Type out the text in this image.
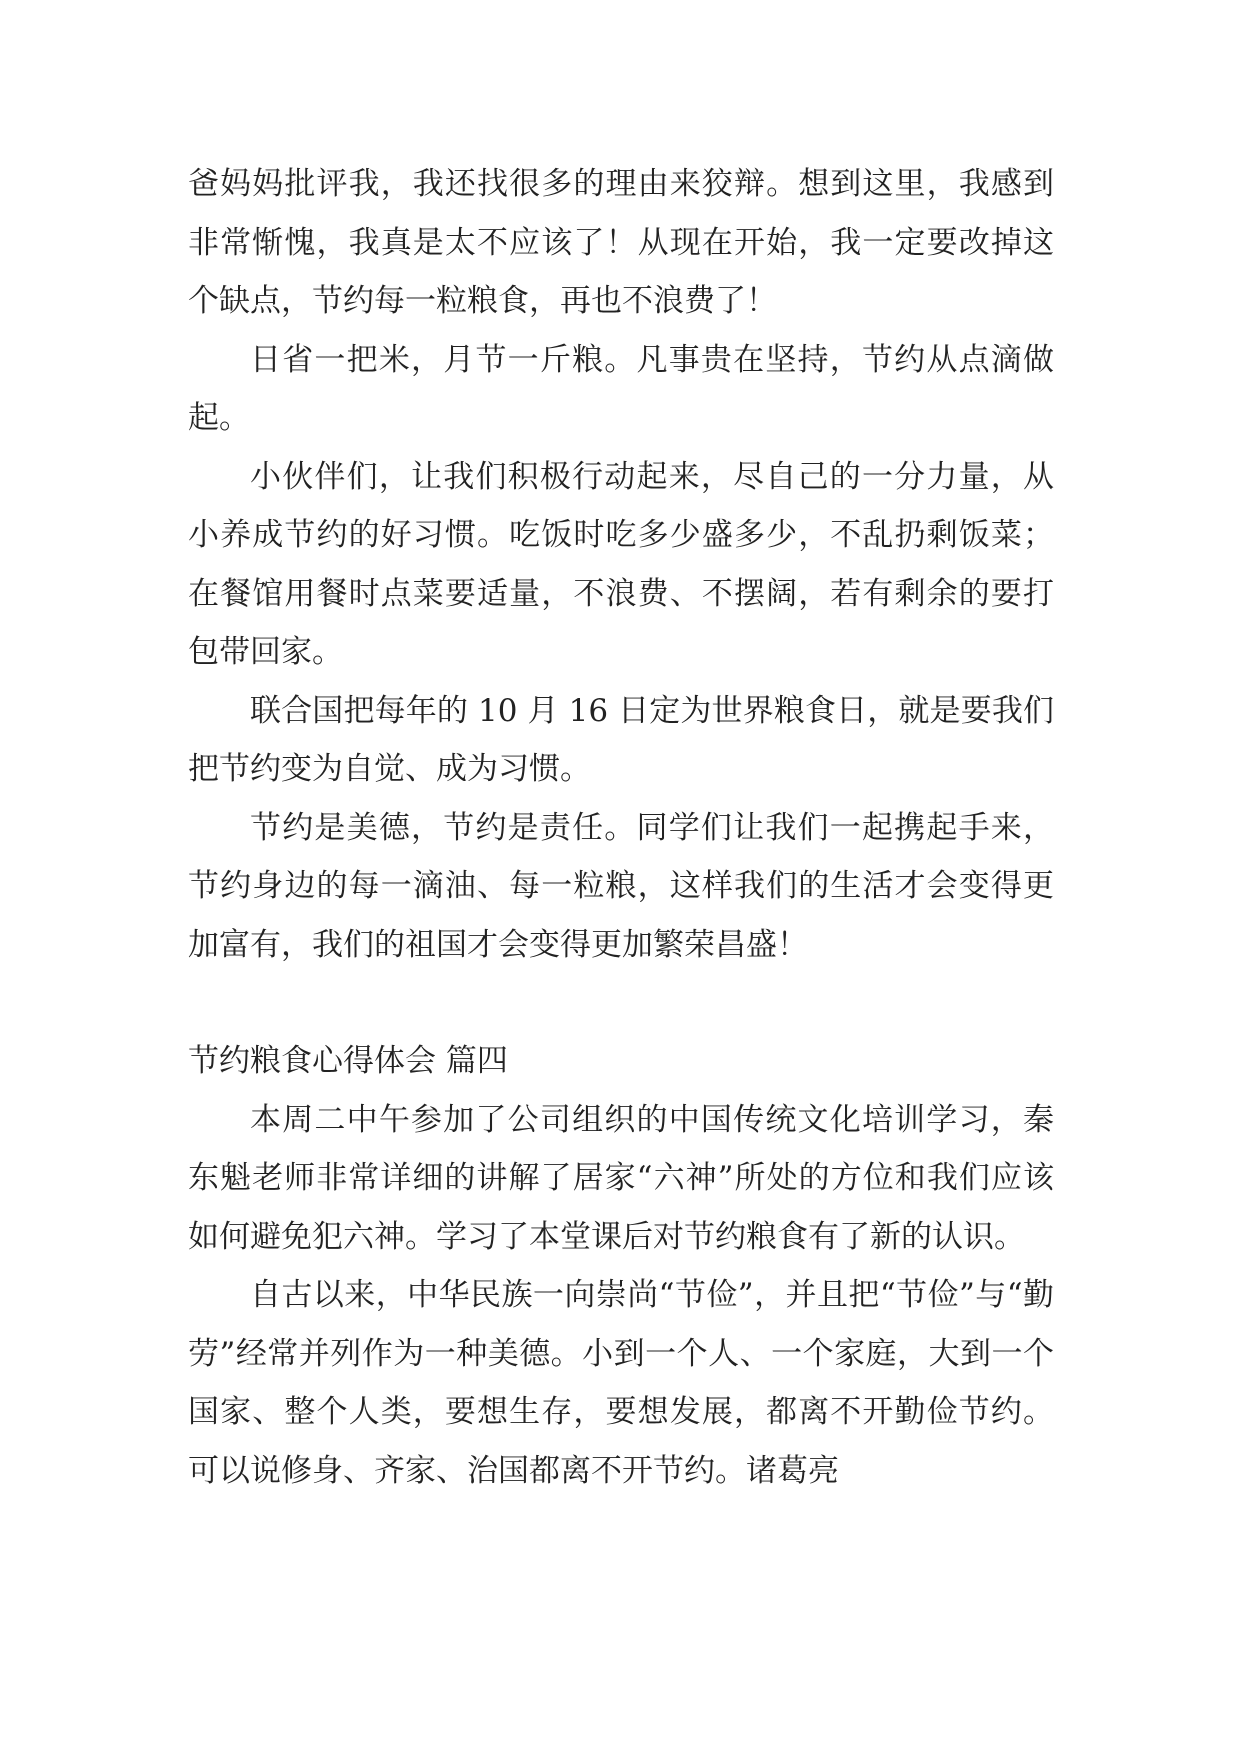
爸妈妈批评我，我还找很多的理由来狡辩。想到这里，我感到非常惭愧，我真是太不应该了！从现在开始，我一定要改掉这个缺点，节约每一粒粮食，再也不浪费了！

日省一把米，月节一斤粮。凡事贵在坚持，节约从点滴做起。

小伙伴们，让我们积极行动起来，尽自己的一分力量，从小养成节约的好习惯。吃饭时吃多少盛多少，不乱扔剩饭菜；在餐馆用餐时点菜要适量，不浪费、不摆阔，若有剩余的要打包带回家。

联合国把每年的 10 月 16 日定为世界粮食日，就是要我们把节约变为自觉、成为习惯。

节约是美德，节约是责任。同学们让我们一起携起手来，节约身边的每一滴油、每一粒粮，这样我们的生活才会变得更加富有，我们的祖国才会变得更加繁荣昌盛！

节约粮食心得体会 篇四

本周二中午参加了公司组织的中国传统文化培训学习，秦东魁老师非常详细的讲解了居家“六神”所处的方位和我们应该如何避免犯六神。学习了本堂课后对节约粮食有了新的认识。

自古以来，中华民族一向崇尚“节俭”，并且把“节俭”与“勤劳”经常并列作为一种美德。小到一个人、一个家庭，大到一个国家、整个人类，要想生存，要想发展，都离不开勤俭节约。可以说修身、齐家、治国都离不开节约。诸葛亮
